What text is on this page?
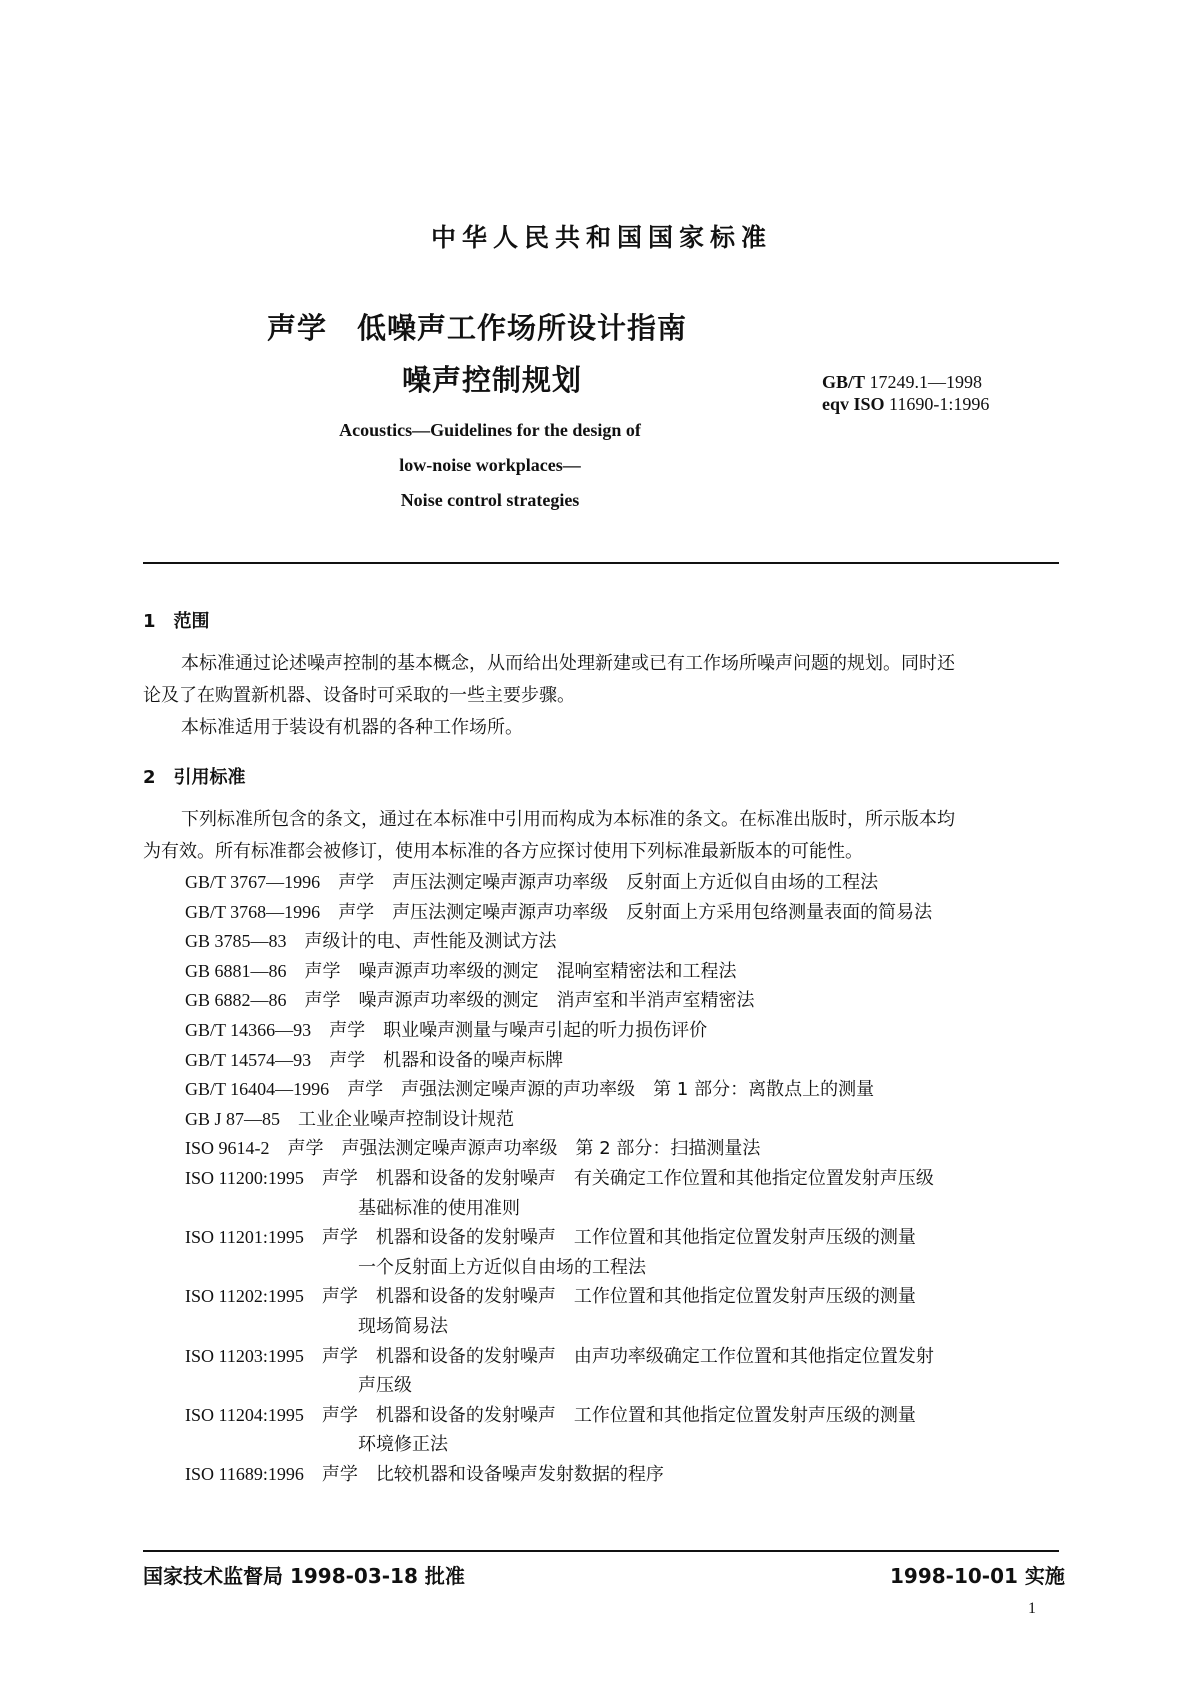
中华人民共和国国家标准
声学　低噪声工作场所设计指南
噪声控制规划	GB/T 17249.1—1998
eqv ISO 11690-1:1996
Acoustics—Guidelines for the design of
low-noise workplaces—
Noise control strategies
1　范围
本标准通过论述噪声控制的基本概念，从而给出处理新建或已有工作场所噪声问题的规划。同时还
论及了在购置新机器、设备时可采取的一些主要步骤。
本标准适用于装设有机器的各种工作场所。
2　引用标准
下列标准所包含的条文，通过在本标准中引用而构成为本标准的条文。在标准出版时，所示版本均
为有效。所有标准都会被修订，使用本标准的各方应探讨使用下列标准最新版本的可能性。
GB/T 3767—1996　 声学　声压法测定噪声源声功率级　反射面上方近似自由场的工程法
GB/T 3768—1996　 声学　声压法测定噪声源声功率级　反射面上方采用包络测量表面的简易法
GB 3785—83　 声级计的电、声性能及测试方法
GB 6881—86　 声学　噪声源声功率级的测定　混响室精密法和工程法
GB 6882—86　 声学　噪声源声功率级的测定　消声室和半消声室精密法
GB/T 14366—93　 声学　职业噪声测量与噪声引起的听力损伤评价
GB/T 14574—93　 声学　机器和设备的噪声标牌
GB/T 16404—1996　 声学　声强法测定噪声源的声功率级　第 1 部分：离散点上的测量
GB J 87—85　 工业企业噪声控制设计规范
ISO 9614-2　 声学　声强法测定噪声源声功率级　第 2 部分：扫描测量法
ISO 11200:1995　 声学　机器和设备的发射噪声　有关确定工作位置和其他指定位置发射声压级
基础标准的使用准则
ISO 11201:1995　 声学　机器和设备的发射噪声　工作位置和其他指定位置发射声压级的测量
一个反射面上方近似自由场的工程法
ISO 11202:1995　 声学　机器和设备的发射噪声　工作位置和其他指定位置发射声压级的测量
现场简易法
ISO 11203:1995　 声学　机器和设备的发射噪声　由声功率级确定工作位置和其他指定位置发射
声压级
ISO 11204:1995　 声学　机器和设备的发射噪声　工作位置和其他指定位置发射声压级的测量
环境修正法
ISO 11689:1996　 声学　比较机器和设备噪声发射数据的程序
国家技术监督局 1998-03-18 批准	1998-10-01 实施
1
